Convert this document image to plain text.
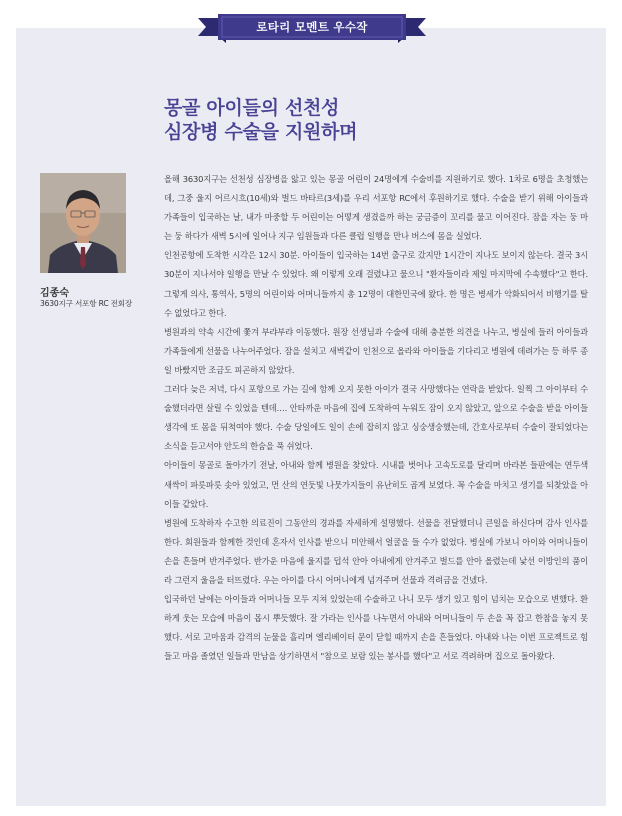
로타리 모멘트 우수작
몽골 아이들의 선천성
심장병 수술을 지원하며
김종숙
3630지구 서포항 RC 전회장

올해 3630지구는 선천성 심장병을 앓고 있는 몽골 어린이 24명에게 수술비를 지원하기로 했다. 1차로 6명을 초청했는데, 그중 울지 어르시흐(10세)와 벌드 바타르(3세)를 우리 서포항 RC에서 후원하기로 했다. 수술을 받기 위해 아이들과 가족들이 입국하는 날, 내가 마중할 두 어린이는 어떻게 생겼을까 하는 궁금증이 꼬리를 물고 이어진다. 잠을 자는 둥 마는 둥 하다가 새벽 5시에 일어나 지구 임원들과 다른 클럽 일행을 만나 버스에 몸을 실었다.

인천공항에 도착한 시각은 12시 30분. 아이들이 입국하는 14번 출구로 갔지만 1시간이 지나도 보이지 않는다. 결국 3시 30분이 지나서야 일행을 만날 수 있었다. 왜 이렇게 오래 걸렸냐고 물으니 "환자들이라 제일 마지막에 수속했다"고 한다. 그렇게 의사, 통역사, 5명의 어린이와 어머니들까지 총 12명이 대한민국에 왔다. 한 명은 병세가 악화되어서 비행기를 탈 수 없었다고 한다.

병원과의 약속 시간에 쫓겨 부랴부랴 이동했다. 원장 선생님과 수술에 대해 충분한 의견을 나누고, 병실에 들러 아이들과 가족들에게 선물을 나누어주었다. 잠을 설치고 새벽같이 인천으로 올라와 아이들을 기다리고 병원에 데려가는 등 하루 종일 바빴지만 조금도 피곤하지 않았다.

그러다 늦은 저녁, 다시 포항으로 가는 길에 함께 오지 못한 아이가 결국 사망했다는 연락을 받았다. 일찍 그 아이부터 수술했더라면 살릴 수 있었을 텐데…. 안타까운 마음에 집에 도착하여 누워도 잠이 오지 않았고, 앞으로 수술을 받을 아이들 생각에 또 몸을 뒤척여야 했다. 수술 당일에도 일이 손에 잡히지 않고 싱숭생숭했는데, 간호사로부터 수술이 잘되었다는 소식을 듣고서야 안도의 한숨을 푹 쉬었다.

아이들이 몽골로 돌아가기 전날, 아내와 함께 병원을 찾았다. 시내를 벗어나 고속도로를 달리며 바라본 들판에는 연두색 새싹이 파릇파릇 솟아 있었고, 먼 산의 연둣빛 나뭇가지들이 유난히도 곱게 보였다. 꼭 수술을 마치고 생기를 되찾았을 아이들 같았다.

병원에 도착하자 수고한 의료진이 그동안의 경과를 자세하게 설명했다. 선물을 전달했더니 큰일을 하신다며 감사 인사를 한다. 회원들과 함께한 것인데 혼자서 인사를 받으니 미안해서 얼굴을 들 수가 없었다. 병실에 가보니 아이와 어머니들이 손을 흔들며 반겨주었다. 반가운 마음에 울지를 덥석 안아 아내에게 안겨주고 벌드를 안아 올렸는데 낯선 이방인의 품이라 그런지 울음을 터뜨렸다. 우는 아이를 다시 어머니에게 넘겨주며 선물과 격려금을 건넸다.

입국하던 날에는 아이들과 어머니들 모두 지쳐 있었는데 수술하고 나니 모두 생기 있고 힘이 넘치는 모습으로 변했다. 환하게 웃는 모습에 마음이 몹시 뿌듯했다. 잘 가라는 인사를 나누면서 아내와 어머니들이 두 손을 꼭 잡고 한참을 놓지 못했다. 서로 고마움과 감격의 눈물을 흘리며 엘리베이터 문이 닫힐 때까지 손을 흔들었다. 아내와 나는 이번 프로젝트로 힘들고 마음 졸였던 일들과 만남을 상기하면서 "참으로 보람 있는 봉사를 했다"고 서로 격려하며 집으로 돌아왔다.
